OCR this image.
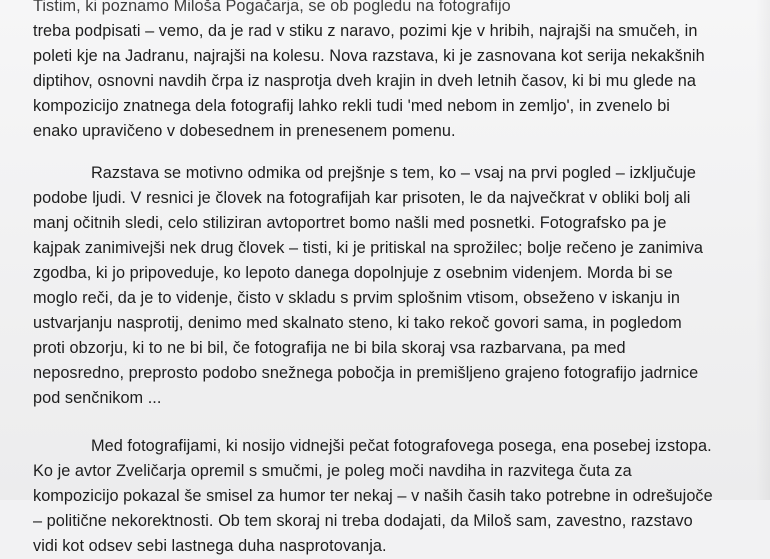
Tistim, ki poznamo Miloša Pogačarja, se ob pogledu na fotografijo
treba podpisati – vemo, da je rad v stiku z naravo, pozimi kje v hribih, najrajši na smučeh, in
poleti kje na Jadranu, najrajši na kolesu. Nova razstava, ki je zasnovana kot serija nekakšnih
diptihov, osnovni navdih črpa iz nasprotja dveh krajin in dveh letnih časov, ki bi mu glede na
kompozicijo znatnega dela fotografij lahko rekli tudi 'med nebom in zemljo', in zvenelo bi
enako upravičeno v dobesednem in prenesenem pomenu.
Razstava se motivno odmika od prejšnje s tem, ko – vsaj na prvi pogled – izključuje
podobe ljudi. V resnici je človek na fotografijah kar prisoten, le da največkrat v obliki bolj ali
manj očitnih sledi, celo stiliziran avtoportret bomo našli med posnetki. Fotografsko pa je
kajpak zanimivejši nek drug človek – tisti, ki je pritiskal na sprožilec; bolje rečeno je zanimiva
zgodba, ki jo pripoveduje, ko lepoto danega dopolnjuje z osebnim videnjem. Morda bi se
moglo reči, da je to videnje, čisto v skladu s prvim splošnim vtisom, obseženo v iskanju in
ustvarjanju nasprotij, denimo med skalnato steno, ki tako rekoč govori sama, in pogledom
proti obzorju, ki to ne bi bil, če fotografija ne bi bila skoraj vsa razbarvana, pa med
neposredno, preprosto podobo snežnega pobočja in premišljeno grajeno fotografijo jadrnice
pod senčnikom ...
Med fotografijami, ki nosijo vidnejši pečat fotografovega posega, ena posebej izstopa.
Ko je avtor Zveličarja opremil s smučmi, je poleg moči navdiha in razvitega čuta za
kompozicijo pokazal še smisel za humor ter nekaj – v naših časih tako potrebne in odrešujoče
– politične nekorektnosti. Ob tem skoraj ni treba dodajati, da Miloš sam, zavestno, razstavo
vidi kot odsev sebi lastnega duha nasprotovanja.
